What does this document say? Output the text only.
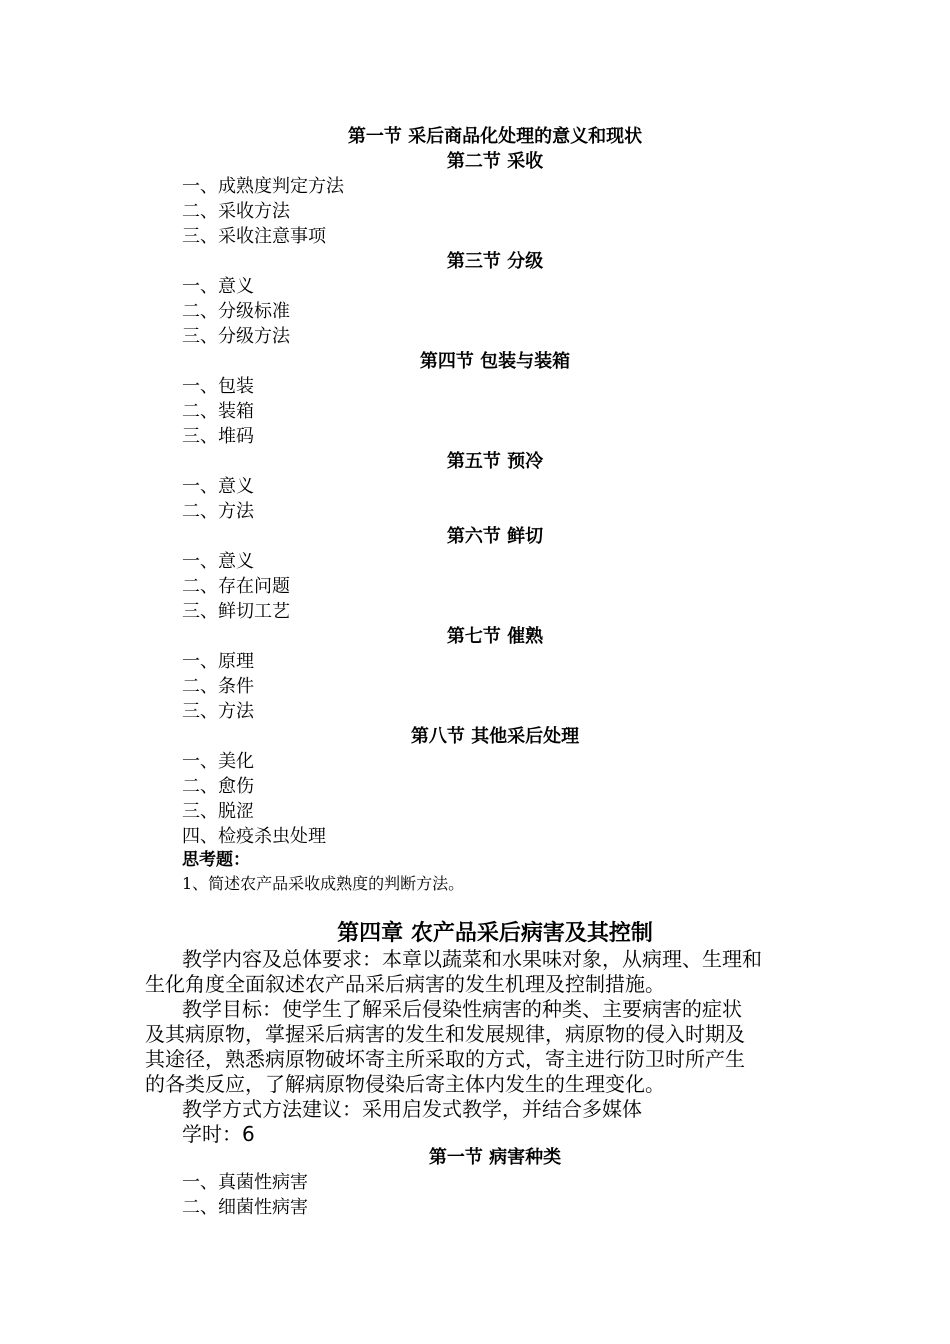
第一节 采后商品化处理的意义和现状
第二节 采收
一、成熟度判定方法
二、采收方法
三、采收注意事项
第三节 分级
一、意义
二、分级标准
三、分级方法
第四节 包装与装箱
一、包装
二、装箱
三、堆码
第五节 预冷
一、意义
二、方法
第六节 鲜切
一、意义
二、存在问题
三、鲜切工艺
第七节 催熟
一、原理
二、条件
三、方法
第八节 其他采后处理
一、美化
二、愈伤
三、脱涩
四、检疫杀虫处理
思考题：
1、简述农产品采收成熟度的判断方法。
第四章 农产品采后病害及其控制
教学内容及总体要求：本章以蔬菜和水果味对象，从病理、生理和
生化角度全面叙述农产品采后病害的发生机理及控制措施。
教学目标：使学生了解采后侵染性病害的种类、主要病害的症状
及其病原物，掌握采后病害的发生和发展规律，病原物的侵入时期及
其途径，熟悉病原物破坏寄主所采取的方式，寄主进行防卫时所产生
的各类反应，了解病原物侵染后寄主体内发生的生理变化。
教学方式方法建议：采用启发式教学，并结合多媒体
学时：6
第一节 病害种类
一、真菌性病害
二、细菌性病害
